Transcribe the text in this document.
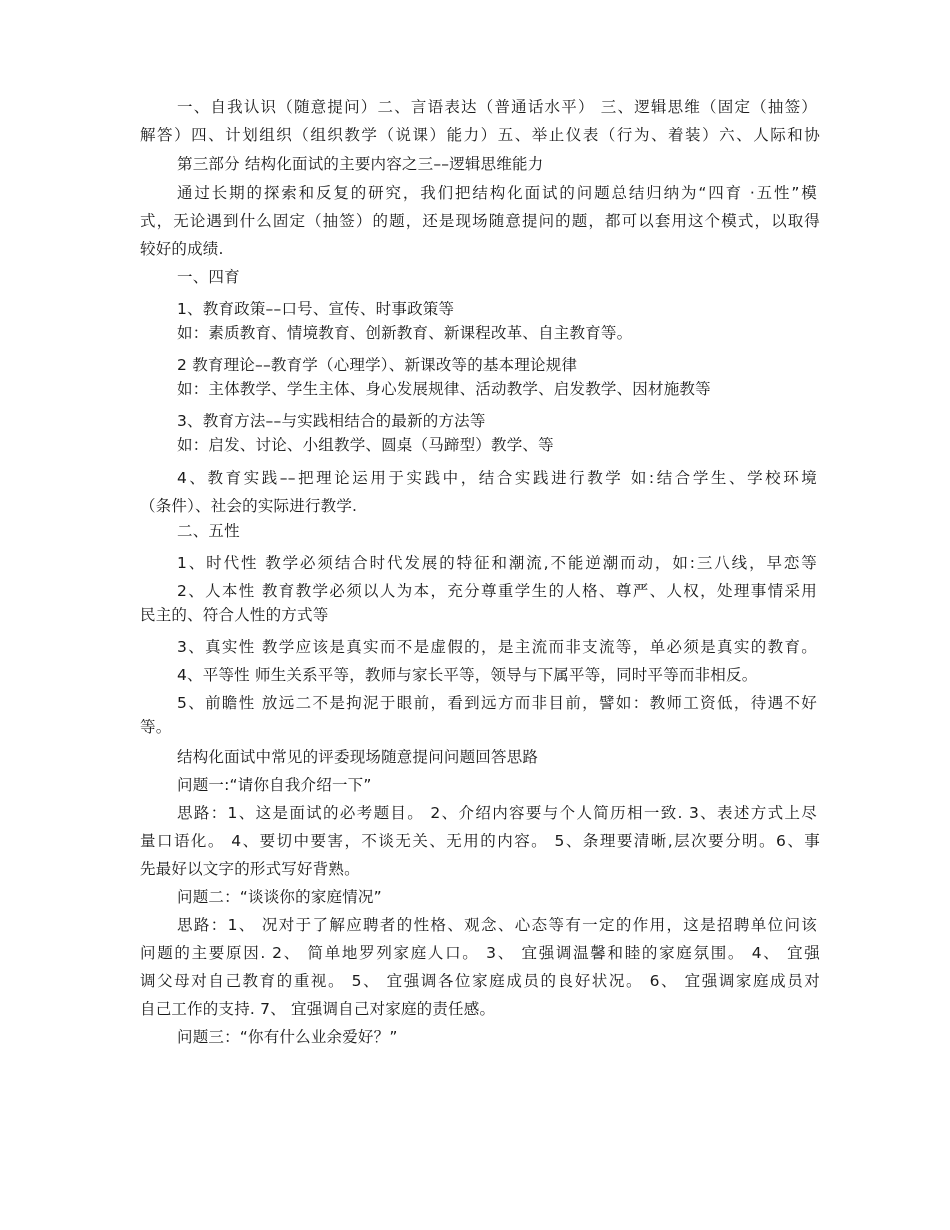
一、自我认识（随意提问）二、言语表达（普通话水平） 三、逻辑思维（固定（抽签）
解答）四、计划组织（组织教学（说课）能力）五、举止仪表（行为、着装）六、人际和协
第三部分 结构化面试的主要内容之三––逻辑思维能力
通过长期的探索和反复的研究，我们把结构化面试的问题总结归纳为“四育 ·五性”模
式，无论遇到什么固定（抽签）的题，还是现场随意提问的题，都可以套用这个模式，以取得
较好的成绩.
一、四育
1、教育政策––口号、宣传、时事政策等
如：素质教育、情境教育、创新教育、新课程改革、自主教育等。
2 教育理论––教育学（心理学）、新课改等的基本理论规律
如：主体教学、学生主体、身心发展规律、活动教学、启发教学、因材施教等
3、教育方法––与实践相结合的最新的方法等
如：启发、讨论、小组教学、圆桌（马蹄型）教学、等
4、教育实践––把理论运用于实践中，结合实践进行教学 如:结合学生、学校环境
（条件）、社会的实际进行教学.
二、五性
1、时代性 教学必须结合时代发展的特征和潮流,不能逆潮而动，如:三八线，早恋等
2、人本性 教育教学必须以人为本，充分尊重学生的人格、尊严、人权，处理事情采用
民主的、符合人性的方式等
3、真实性 教学应该是真实而不是虚假的，是主流而非支流等，单必须是真实的教育。
4、平等性 师生关系平等，教师与家长平等，领导与下属平等，同时平等而非相反。
5、前瞻性 放远二不是拘泥于眼前，看到远方而非目前，譬如：教师工资低，待遇不好
等。
结构化面试中常见的评委现场随意提问问题回答思路
问题一:“请你自我介绍一下”
思路：1、这是面试的必考题目。 2、介绍内容要与个人简历相一致. 3、表述方式上尽
量口语化。 4、要切中要害，不谈无关、无用的内容。 5、条理要清晰,层次要分明。6、事
先最好以文字的形式写好背熟。
问题二：“谈谈你的家庭情况”
思路：1、 况对于了解应聘者的性格、观念、心态等有一定的作用，这是招聘单位问该
问题的主要原因. 2、 简单地罗列家庭人口。 3、 宜强调温馨和睦的家庭氛围。 4、 宜强
调父母对自己教育的重视。 5、 宜强调各位家庭成员的良好状况。 6、 宜强调家庭成员对
自己工作的支持. 7、 宜强调自己对家庭的责任感。
问题三：“你有什么业余爱好？”
